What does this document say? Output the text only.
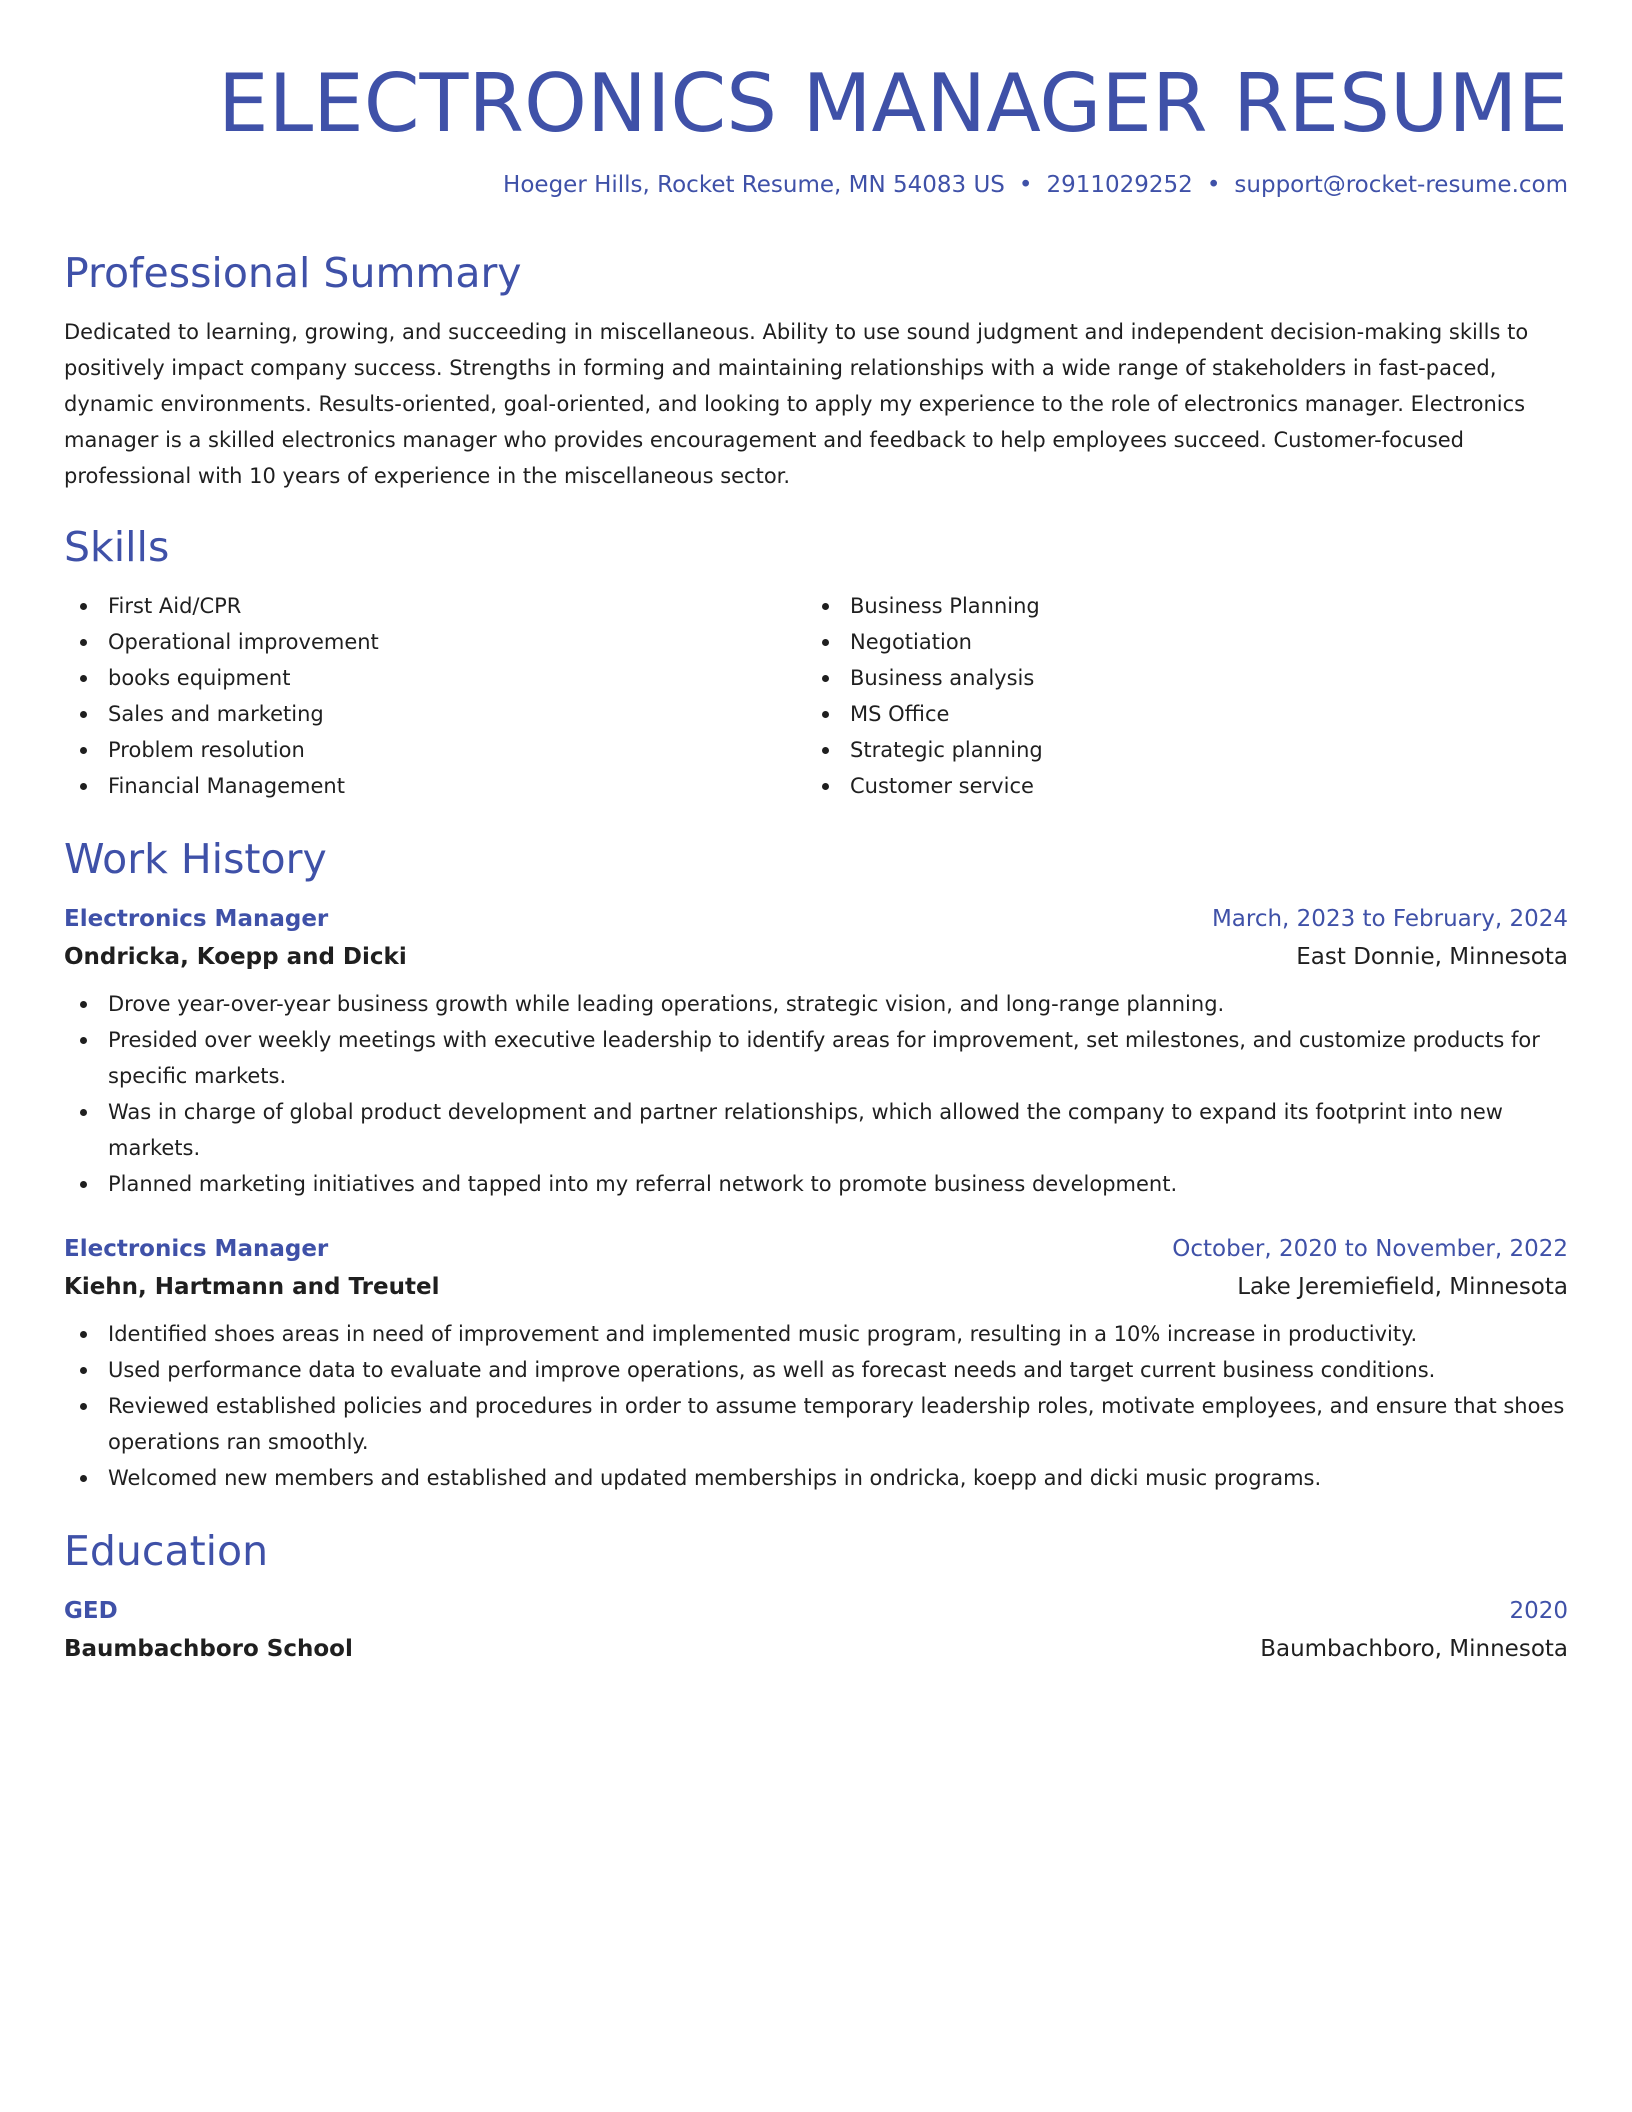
ELECTRONICS MANAGER RESUME
Hoeger Hills, Rocket Resume, MN 54083 US • 2911029252 • support@rocket-resume.com
Professional Summary

Dedicated to learning, growing, and succeeding in miscellaneous. Ability to use sound judgment and independent decision-making skills to positively impact company success. Strengths in forming and maintaining relationships with a wide range of stakeholders in fast-paced, dynamic environments. Results-oriented, goal-oriented, and looking to apply my experience to the role of electronics manager. Electronics manager is a skilled electronics manager who provides encouragement and feedback to help employees succeed. Customer-focused professional with 10 years of experience in the miscellaneous sector.

Skills
First Aid/CPR
Operational improvement
books equipment
Sales and marketing
Problem resolution
Financial Management
Business Planning
Negotiation
Business analysis
MS Office
Strategic planning
Customer service
Work History
Electronics Manager	March, 2023 to February, 2024
Ondricka, Koepp and Dicki	East Donnie, Minnesota
Drove year-over-year business growth while leading operations, strategic vision, and long-range planning.
Presided over weekly meetings with executive leadership to identify areas for improvement, set milestones, and customize products for specific markets.
Was in charge of global product development and partner relationships, which allowed the company to expand its footprint into new markets.
Planned marketing initiatives and tapped into my referral network to promote business development.
Electronics Manager	October, 2020 to November, 2022
Kiehn, Hartmann and Treutel	Lake Jeremiefield, Minnesota
Identified shoes areas in need of improvement and implemented music program, resulting in a 10% increase in productivity.
Used performance data to evaluate and improve operations, as well as forecast needs and target current business conditions.
Reviewed established policies and procedures in order to assume temporary leadership roles, motivate employees, and ensure that shoes operations ran smoothly.
Welcomed new members and established and updated memberships in ondricka, koepp and dicki music programs.
Education
GED	2020
Baumbachboro School	Baumbachboro, Minnesota
